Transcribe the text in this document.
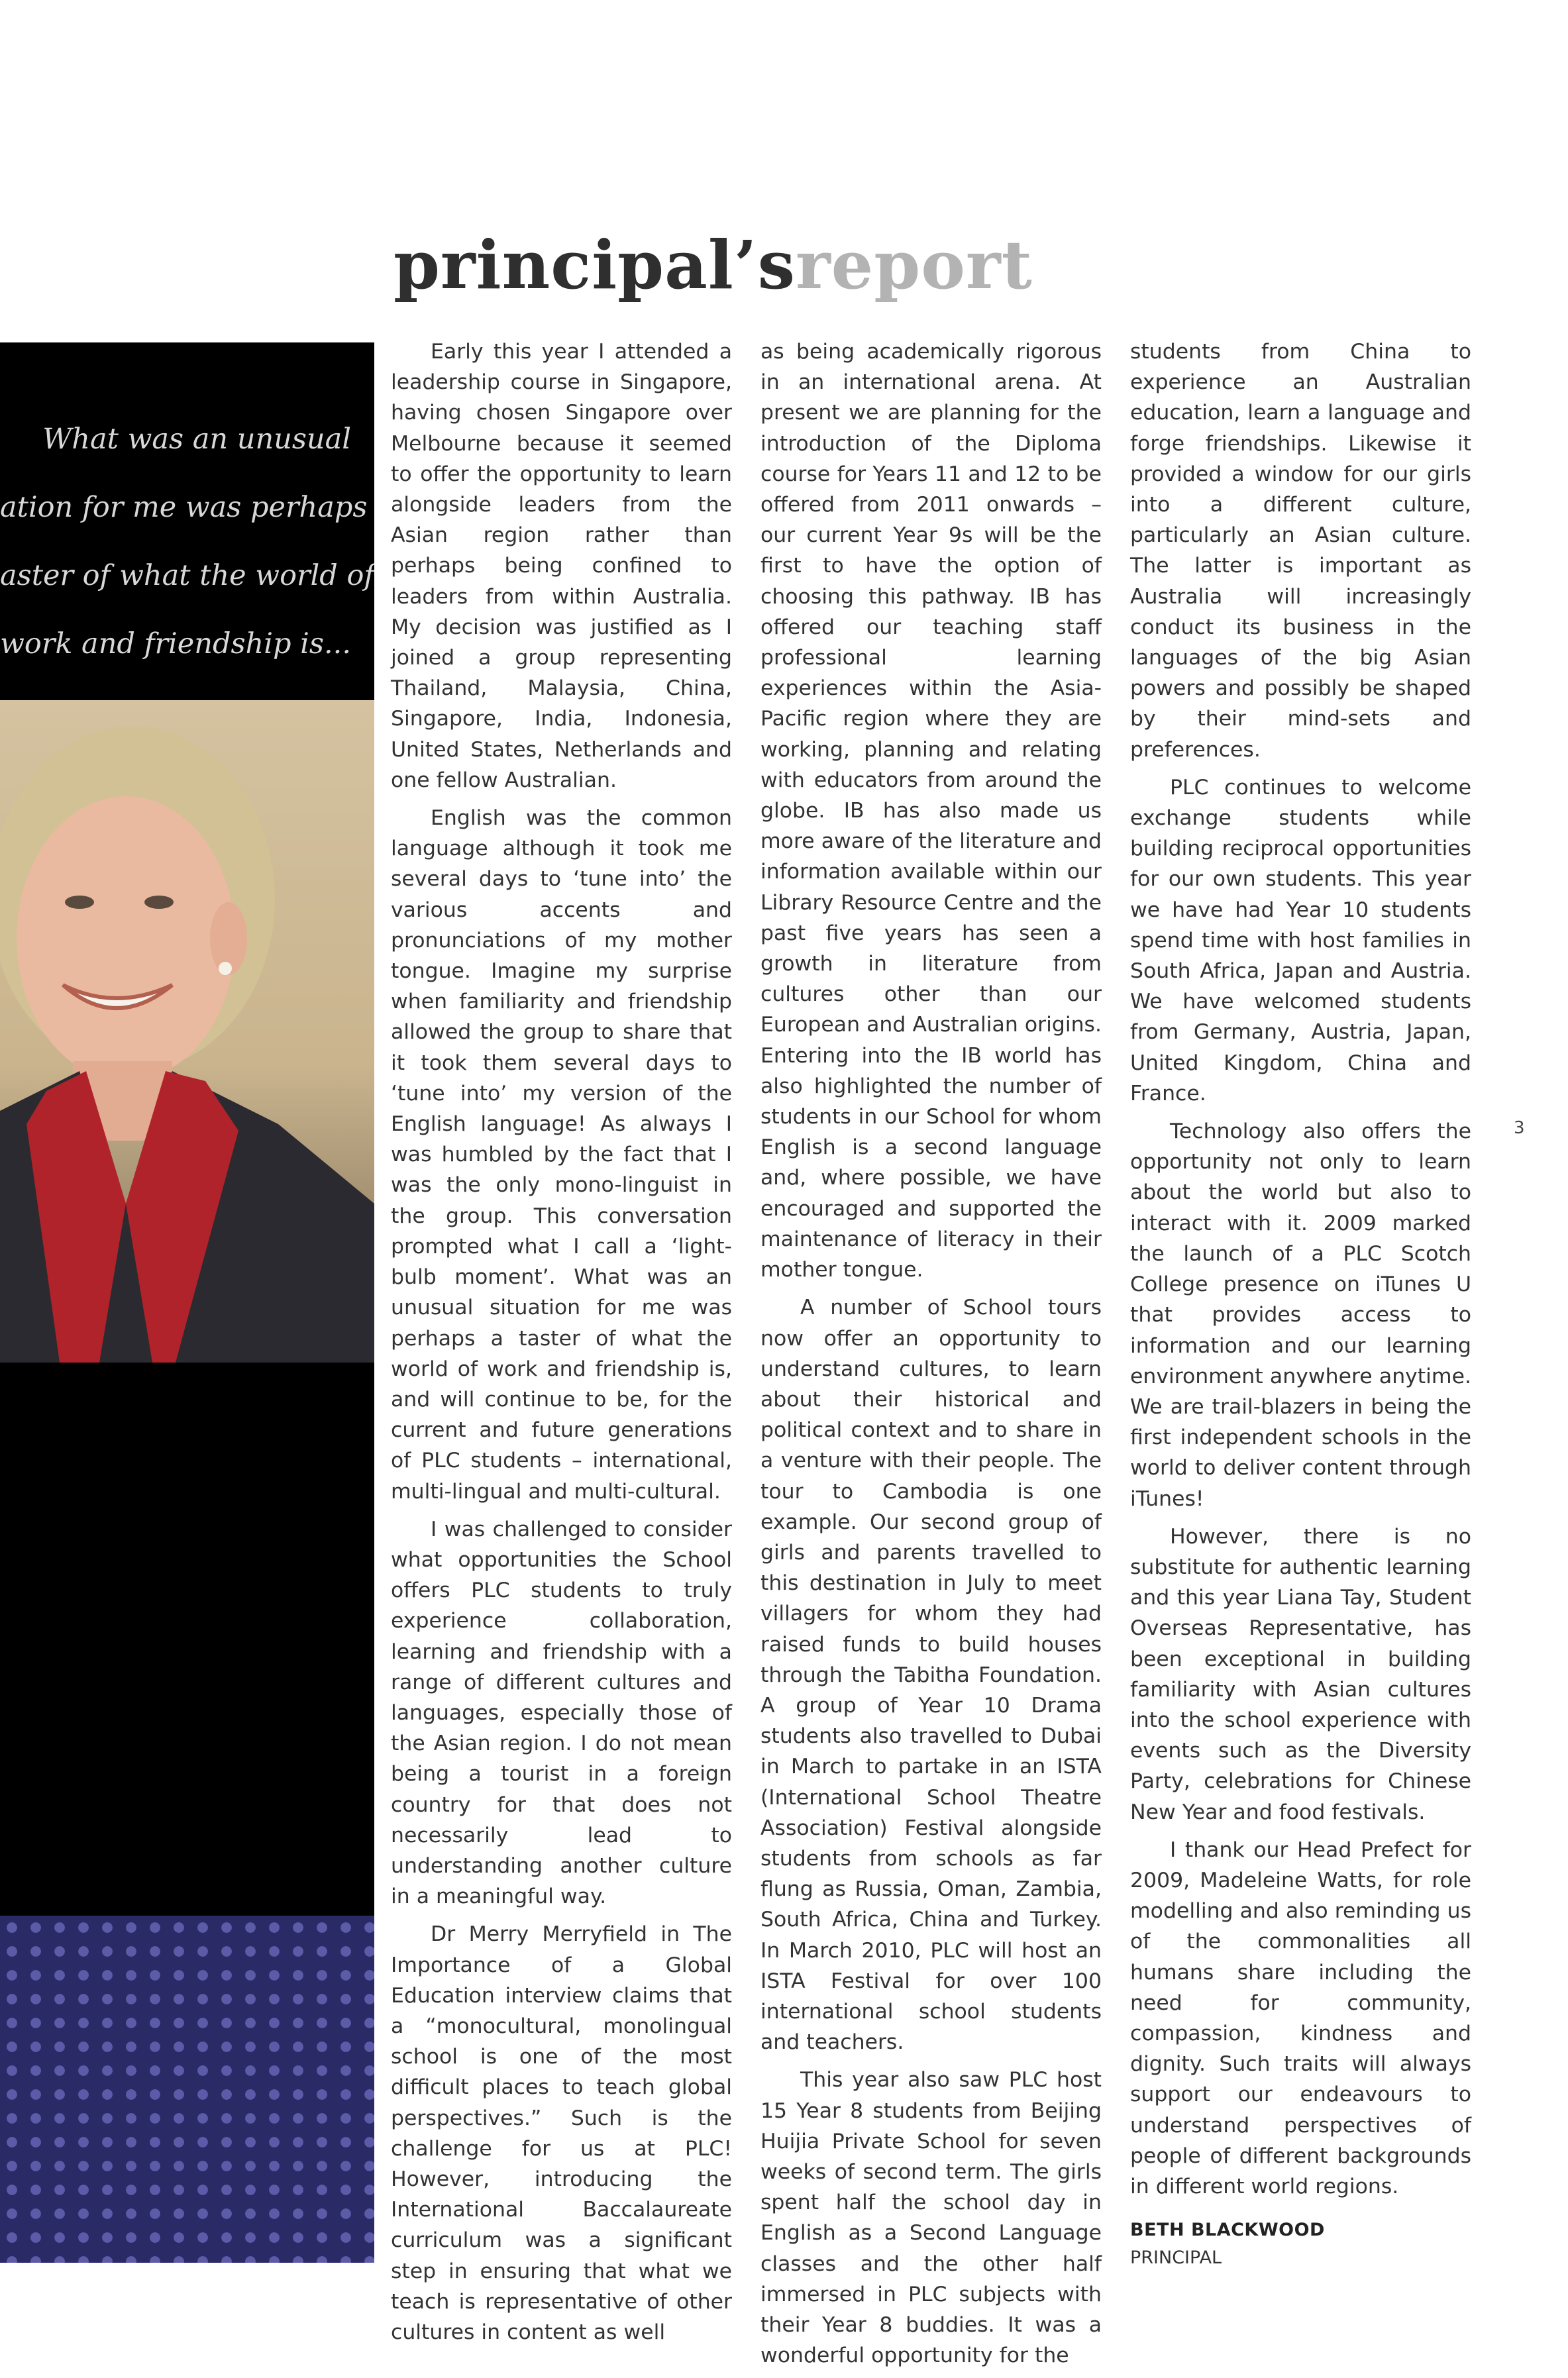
principal’sreport
What was an unusual
ation for me was perhaps
aster of what the world of
work and friendship is...

Early this year I attended a leadership course in Singapore, having chosen Singapore over Melbourne because it seemed to offer the opportunity to learn alongside leaders from the Asian region rather than perhaps being confined to leaders from within Australia. My decision was justified as I joined a group representing Thailand, Malaysia, China, Singapore, India, Indonesia, United States, Netherlands and one fellow Australian.

English was the common language although it took me several days to ‘tune into’ the various accents and pronunciations of my mother tongue. Imagine my surprise when familiarity and friendship allowed the group to share that it took them several days to ‘tune into’ my version of the English language! As always I was humbled by the fact that I was the only mono-linguist in the group. This conversation prompted what I call a ‘light-bulb moment’. What was an unusual situation for me was perhaps a taster of what the world of work and friendship is, and will continue to be, for the current and future generations of PLC students – international, multi-lingual and multi-cultural.

I was challenged to consider what opportunities the School offers PLC students to truly experience collaboration, learning and friendship with a range of different cultures and languages, especially those of the Asian region. I do not mean being a tourist in a foreign country for that does not necessarily lead to understanding another culture in a meaningful way.

Dr Merry Merryfield in The Importance of a Global Education interview claims that a “monocultural, monolingual school is one of the most difficult places to teach global perspectives.” Such is the challenge for us at PLC! However, introducing the International Baccalaureate curriculum was a significant step in ensuring that what we teach is representative of other cultures in content as well

as being academically rigorous in an international arena. At present we are planning for the introduction of the Diploma course for Years 11 and 12 to be offered from 2011 onwards – our current Year 9s will be the first to have the option of choosing this pathway. IB has offered our teaching staff professional learning experiences within the Asia-Pacific region where they are working, planning and relating with educators from around the globe. IB has also made us more aware of the literature and information available within our Library Resource Centre and the past five years has seen a growth in literature from cultures other than our European and Australian origins. Entering into the IB world has also highlighted the number of students in our School for whom English is a second language and, where possible, we have encouraged and supported the maintenance of literacy in their mother tongue.

A number of School tours now offer an opportunity to understand cultures, to learn about their historical and political context and to share in a venture with their people. The tour to Cambodia is one example. Our second group of girls and parents travelled to this destination in July to meet villagers for whom they had raised funds to build houses through the Tabitha Foundation. A group of Year 10 Drama students also travelled to Dubai in March to partake in an ISTA (International School Theatre Association) Festival alongside students from schools as far flung as Russia, Oman, Zambia, South Africa, China and Turkey. In March 2010, PLC will host an ISTA Festival for over 100 international school students and teachers.

This year also saw PLC host 15 Year 8 students from Beijing Huijia Private School for seven weeks of second term. The girls spent half the school day in English as a Second Language classes and the other half immersed in PLC subjects with their Year 8 buddies. It was a wonderful opportunity for the

students from China to experience an Australian education, learn a language and forge friendships. Likewise it provided a window for our girls into a different culture, particularly an Asian culture. The latter is important as Australia will increasingly conduct its business in the languages of the big Asian powers and possibly be shaped by their mind-sets and preferences.

PLC continues to welcome exchange students while building reciprocal opportunities for our own students. This year we have had Year 10 students spend time with host families in South Africa, Japan and Austria. We have welcomed students from Germany, Austria, Japan, United Kingdom, China and France.

Technology also offers the opportunity not only to learn about the world but also to interact with it. 2009 marked the launch of a PLC Scotch College presence on iTunes U that provides access to information and our learning environment anywhere anytime. We are trail-blazers in being the first independent schools in the world to deliver content through iTunes!

However, there is no substitute for authentic learning and this year Liana Tay, Student Overseas Representative, has been exceptional in building familiarity with Asian cultures into the school experience with events such as the Diversity Party, celebrations for Chinese New Year and food festivals.

I thank our Head Prefect for 2009, Madeleine Watts, for role modelling and also reminding us of the commonalities all humans share including the need for community, compassion, kindness and dignity. Such traits will always support our endeavours to understand perspectives of people of different backgrounds in different world regions.

BETH BLACKWOOD
PRINCIPAL
3
